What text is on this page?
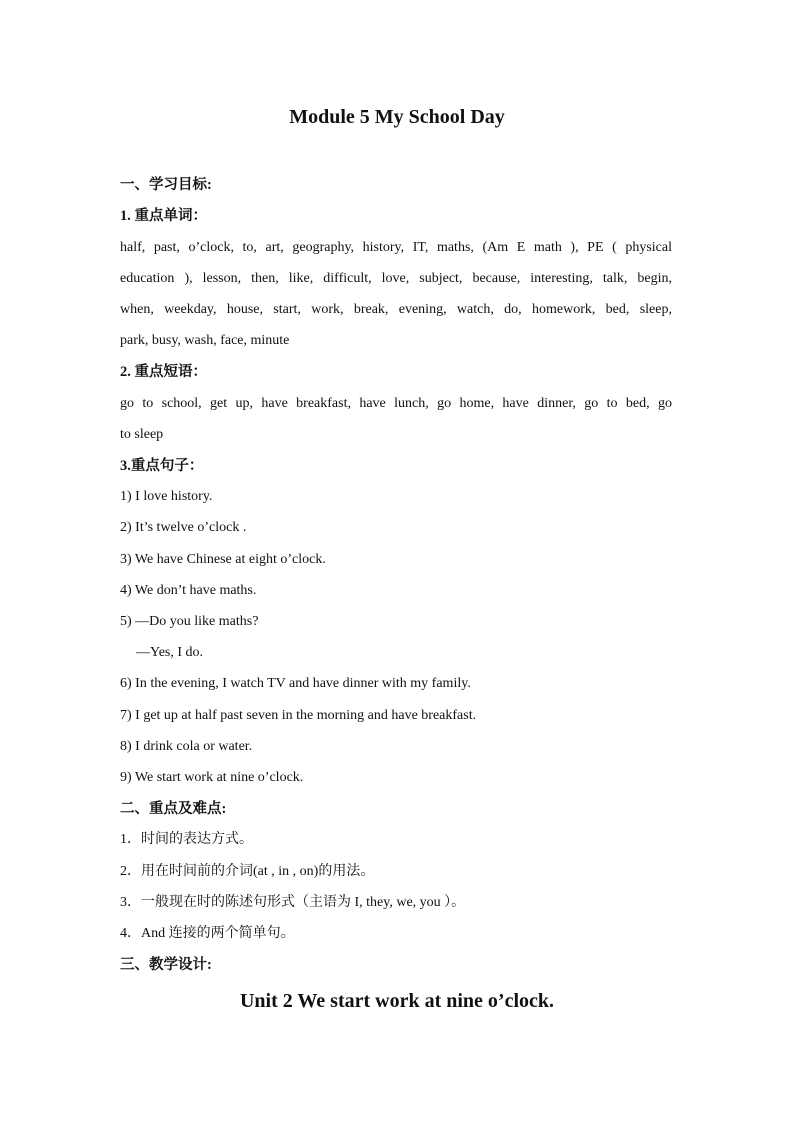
Module 5 My School Day
一、学习目标:
1. 重点单词：
half, past, o’clock, to, art, geography, history, IT, maths, (Am E math ), PE ( physical
education ), lesson, then, like, difficult, love, subject, because, interesting, talk, begin,
when, weekday, house, start, work, break, evening, watch, do, homework, bed, sleep,
park, busy, wash, face, minute
2. 重点短语：
go to school, get up, have breakfast, have lunch, go home, have dinner, go to bed, go
to sleep
3.重点句子：
1) I love history.
2) It’s twelve o’clock .
3) We have Chinese at eight o’clock.
4) We don’t have maths.
5) —Do you like maths?
—Yes, I do.
6) In the evening, I watch TV and have dinner with my family.
7) I get up at half past seven in the morning and have breakfast.
8) I drink cola or water.
9) We start work at nine o’clock.
二、重点及难点:
1．时间的表达方式。
2．用在时间前的介词(at , in , on)的用法。
3．一般现在时的陈述句形式（主语为 I, they, we, you ）。
4．And 连接的两个简单句。
三、教学设计:
Unit 2 We start work at nine o’clock.
